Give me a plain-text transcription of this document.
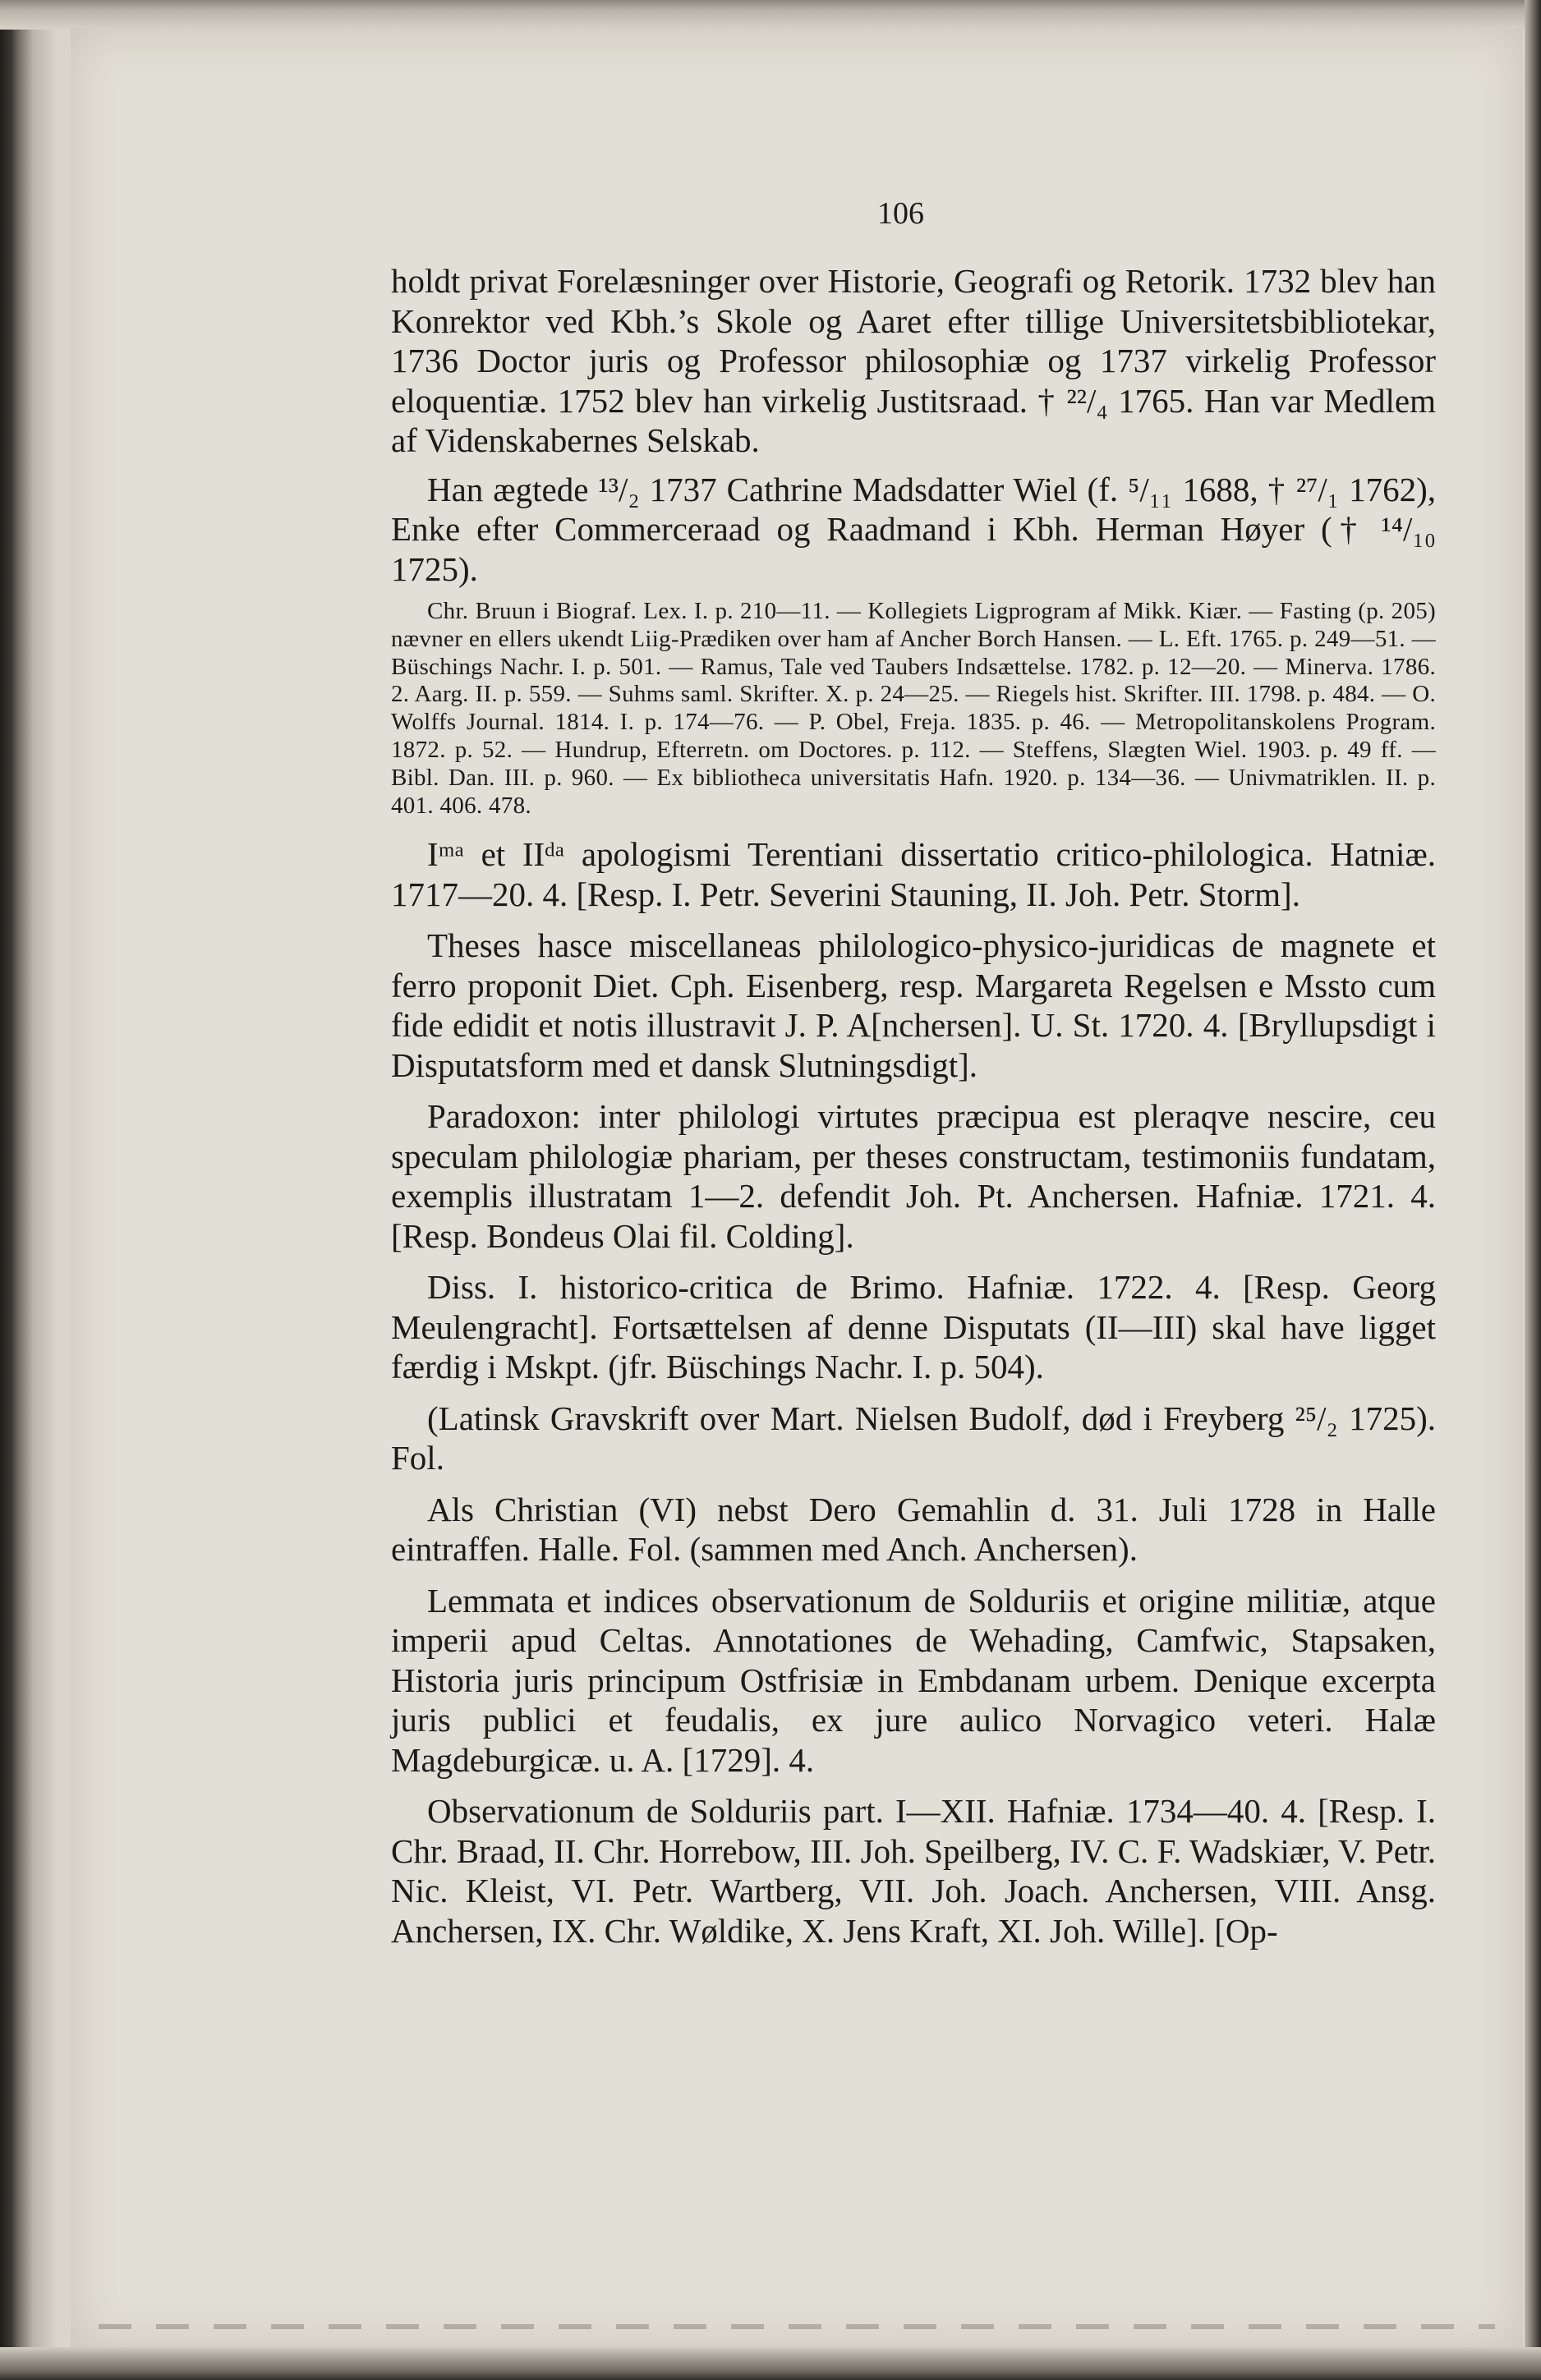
106

holdt privat Forelæsninger over Historie, Geografi og Retorik. 1732 blev han Konrektor ved Kbh.’s Skole og Aaret efter tillige Universitetsbibliotekar, 1736 Doctor juris og Professor philosophiæ og 1737 virkelig Professor eloquentiæ. 1752 blev han virkelig Justitsraad. † ²²/₄ 1765. Han var Medlem af Videnskabernes Selskab.

Han ægtede ¹³/₂ 1737 Cathrine Madsdatter Wiel (f. ⁵/₁₁ 1688, † ²⁷/₁ 1762), Enke efter Commerceraad og Raadmand i Kbh. Herman Høyer († ¹⁴/₁₀ 1725).

Chr. Bruun i Biograf. Lex. I. p. 210—11. — Kollegiets Ligprogram af Mikk. Kiær. — Fasting (p. 205) nævner en ellers ukendt Liig-Prædiken over ham af Ancher Borch Hansen. — L. Eft. 1765. p. 249—51. — Büschings Nachr. I. p. 501. — Ramus, Tale ved Taubers Indsættelse. 1782. p. 12—20. — Minerva. 1786. 2. Aarg. II. p. 559. — Suhms saml. Skrifter. X. p. 24—25. — Riegels hist. Skrifter. III. 1798. p. 484. — O. Wolffs Journal. 1814. I. p. 174—76. — P. Obel, Freja. 1835. p. 46. — Metropolitanskolens Program. 1872. p. 52. — Hundrup, Efterretn. om Doctores. p. 112. — Steffens, Slægten Wiel. 1903. p. 49 ff. — Bibl. Dan. III. p. 960. — Ex bibliotheca universitatis Hafn. 1920. p. 134—36. — Univmatriklen. II. p. 401. 406. 478.

Iᵐᵃ et IIᵈᵃ apologismi Terentiani dissertatio critico-philologica. Hatniæ. 1717—20. 4. [Resp. I. Petr. Severini Stauning, II. Joh. Petr. Storm].

Theses hasce miscellaneas philologico-physico-juridicas de magnete et ferro proponit Diet. Cph. Eisenberg, resp. Margareta Regelsen e Mssto cum fide edidit et notis illustravit J. P. A[nchersen]. U. St. 1720. 4. [Bryllupsdigt i Disputatsform med et dansk Slutningsdigt].

Paradoxon: inter philologi virtutes præcipua est pleraqve nescire, ceu speculam philologiæ phariam, per theses constructam, testimoniis fundatam, exemplis illustratam 1—2. defendit Joh. Pt. Anchersen. Hafniæ. 1721. 4. [Resp. Bondeus Olai fil. Colding].

Diss. I. historico-critica de Brimo. Hafniæ. 1722. 4. [Resp. Georg Meulengracht]. Fortsættelsen af denne Disputats (II—III) skal have ligget færdig i Mskpt. (jfr. Büschings Nachr. I. p. 504).

(Latinsk Gravskrift over Mart. Nielsen Budolf, død i Freyberg ²⁵/₂ 1725). Fol.

Als Christian (VI) nebst Dero Gemahlin d. 31. Juli 1728 in Halle eintraffen. Halle. Fol. (sammen med Anch. Anchersen).

Lemmata et indices observationum de Solduriis et origine militiæ, atque imperii apud Celtas. Annotationes de Wehading, Camfwic, Stapsaken, Historia juris principum Ostfrisiæ in Embdanam urbem. Denique excerpta juris publici et feudalis, ex jure aulico Norvagico veteri. Halæ Magdeburgicæ. u. A. [1729]. 4.

Observationum de Solduriis part. I—XII. Hafniæ. 1734—40. 4. [Resp. I. Chr. Braad, II. Chr. Horrebow, III. Joh. Speilberg, IV. C. F. Wadskiær, V. Petr. Nic. Kleist, VI. Petr. Wartberg, VII. Joh. Joach. Anchersen, VIII. Ansg. Anchersen, IX. Chr. Wøldike, X. Jens Kraft, XI. Joh. Wille]. [Op-
